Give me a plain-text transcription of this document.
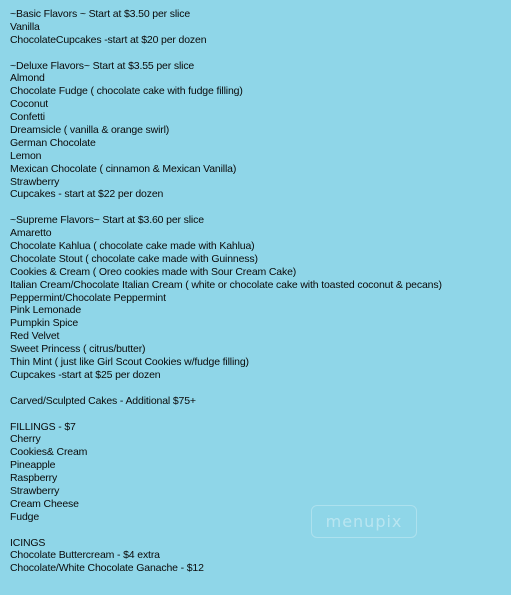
~Basic Flavors ~ Start at $3.50 per slice
Vanilla
ChocolateCupcakes -start at $20 per dozen
~Deluxe Flavors~ Start at $3.55 per slice
Almond
Chocolate Fudge ( chocolate cake with fudge filling)
Coconut
Confetti
Dreamsicle ( vanilla & orange swirl)
German Chocolate
Lemon
Mexican Chocolate ( cinnamon & Mexican Vanilla)
Strawberry
Cupcakes - start at $22 per dozen
~Supreme Flavors~ Start at $3.60 per slice
Amaretto
Chocolate Kahlua ( chocolate cake made with Kahlua)
Chocolate Stout ( chocolate cake made with Guinness)
Cookies & Cream ( Oreo cookies made with Sour Cream Cake)
Italian Cream/Chocolate Italian Cream ( white or chocolate cake with toasted coconut & pecans)
Peppermint/Chocolate Peppermint
Pink Lemonade
Pumpkin Spice
Red Velvet
Sweet Princess ( citrus/butter)
Thin Mint ( just like Girl Scout Cookies w/fudge filling)
Cupcakes -start at $25 per dozen
Carved/Sculpted Cakes - Additional $75+
FILLINGS - $7
Cherry
Cookies& Cream
Pineapple
Raspberry
Strawberry
Cream Cheese
Fudge
ICINGS
Chocolate Buttercream - $4 extra
Chocolate/White Chocolate Ganache - $12
menupix
